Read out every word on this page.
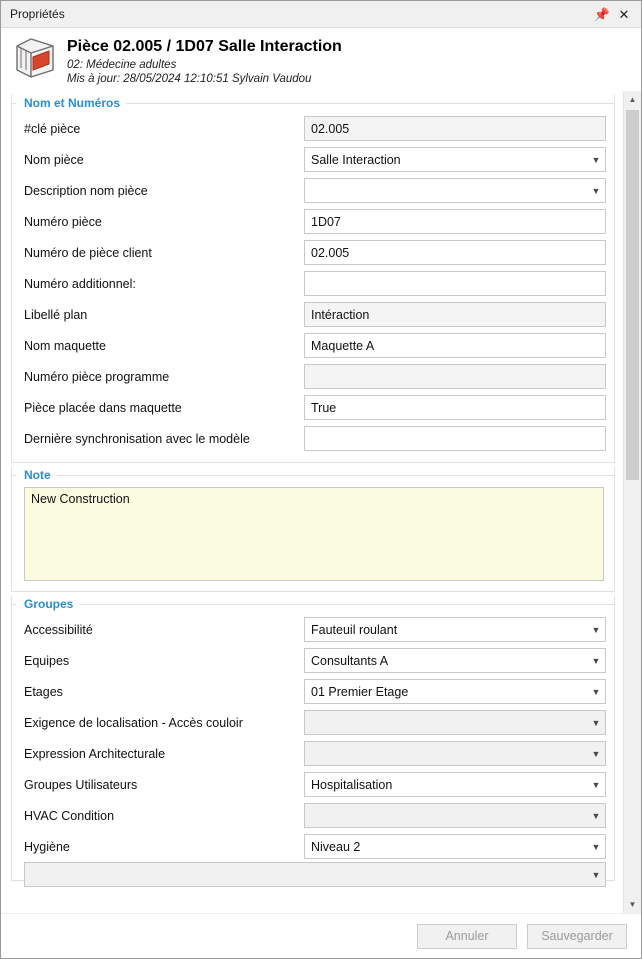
Propriétés	📌 ✕
Pièce 02.005 / 1D07 Salle Interaction
02: Médecine adultes
Mis à jour: 28/05/2024 12:10:51 Sylvain Vaudou
Nom et Numéros
#clé pièce	02.005
Nom pièce	Salle Interaction	▼
Description nom pièce	▼
Numéro pièce	1D07
Numéro de pièce client	02.005
Numéro additionnel:
Libellé plan	Intéraction
Nom maquette	Maquette A
Numéro pièce programme
Pièce placée dans maquette	True
Dernière synchronisation avec le modèle
Note
New Construction
Groupes
Accessibilité	Fauteuil roulant	▼
Equipes	Consultants A	▼
Etages	01 Premier Etage	▼
Exigence de localisation - Accès couloir	▼
Expression Architecturale	▼
Groupes Utilisateurs	Hospitalisation	▼
HVAC Condition	▼
Hygiène	Niveau 2	▼
▼
▲
▼
Annuler	Sauvegarder
